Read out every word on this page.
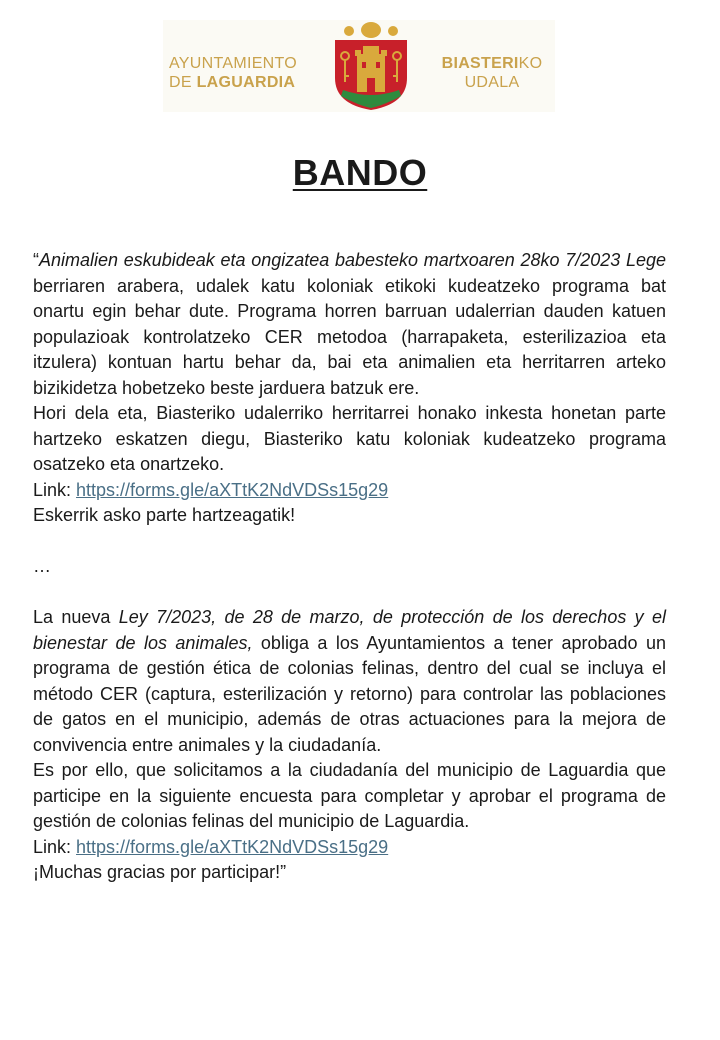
AYUNTAMIENTO
DE LAGUARDIA
BIASTERIKO
UDALA
BANDO

“Animalien eskubideak eta ongizatea babesteko martxoaren 28ko 7/2023 Lege berriaren arabera, udalek katu koloniak etikoki kudeatzeko programa bat onartu egin behar dute. Programa horren barruan udalerrian dauden katuen populazioak kontrolatzeko CER metodoa (harrapaketa, esterilizazioa eta itzulera) kontuan hartu behar da, bai eta animalien eta herritarren arteko bizikidetza hobetzeko beste jarduera batzuk ere.

Hori dela eta, Biasteriko udalerriko herritarrei honako inkesta honetan parte hartzeko eskatzen diegu, Biasteriko katu koloniak kudeatzeko programa osatzeko eta onartzeko.

Link: https://forms.gle/aXTtK2NdVDSs15g29

Eskerrik asko parte hartzeagatik!

…

La nueva Ley 7/2023, de 28 de marzo, de protección de los derechos y el bienestar de los animales, obliga a los Ayuntamientos a tener aprobado un programa de gestión ética de colonias felinas, dentro del cual se incluya el método CER (captura, esterilización y retorno) para controlar las poblaciones de gatos en el municipio, además de otras actuaciones para la mejora de convivencia entre animales y la ciudadanía.

Es por ello, que solicitamos a la ciudadanía del municipio de Laguardia que participe en la siguiente encuesta para completar y aprobar el programa de gestión de colonias felinas del municipio de Laguardia.

Link: https://forms.gle/aXTtK2NdVDSs15g29

¡Muchas gracias por participar!”
